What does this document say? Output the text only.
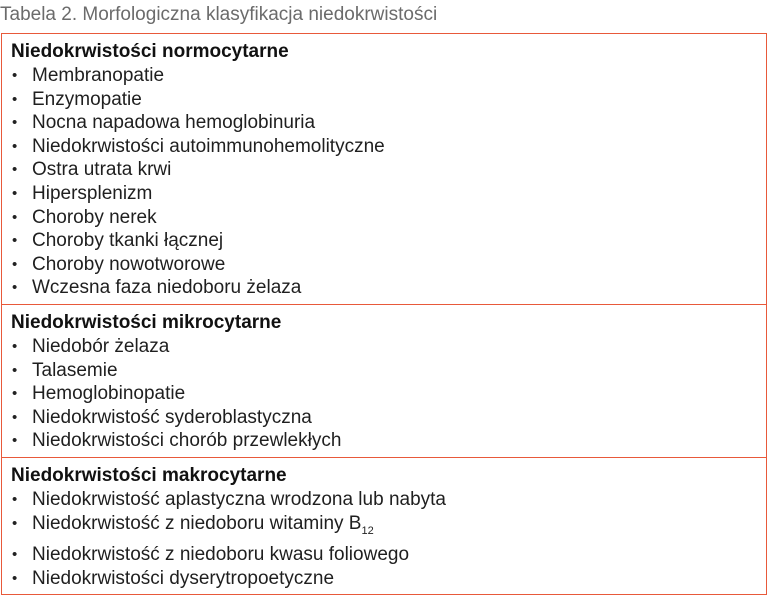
Tabela 2. Morfologiczna klasyfikacja niedokrwistości
Niedokrwistości normocytarne
• Membranopatie
• Enzymopatie
• Nocna napadowa hemoglobinuria
• Niedokrwistości autoimmunohemolityczne
• Ostra utrata krwi
• Hipersplenizm
• Choroby nerek
• Choroby tkanki łącznej
• Choroby nowotworowe
• Wczesna faza niedoboru żelaza
Niedokrwistości mikrocytarne
• Niedobór żelaza
• Talasemie
• Hemoglobinopatie
• Niedokrwistość syderoblastyczna
• Niedokrwistości chorób przewlekłych
Niedokrwistości makrocytarne
• Niedokrwistość aplastyczna wrodzona lub nabyta
• Niedokrwistość z niedoboru witaminy $B_{12}$
• Niedokrwistość z niedoboru kwasu foliowego
• Niedokrwistości dyserytropoetyczne
